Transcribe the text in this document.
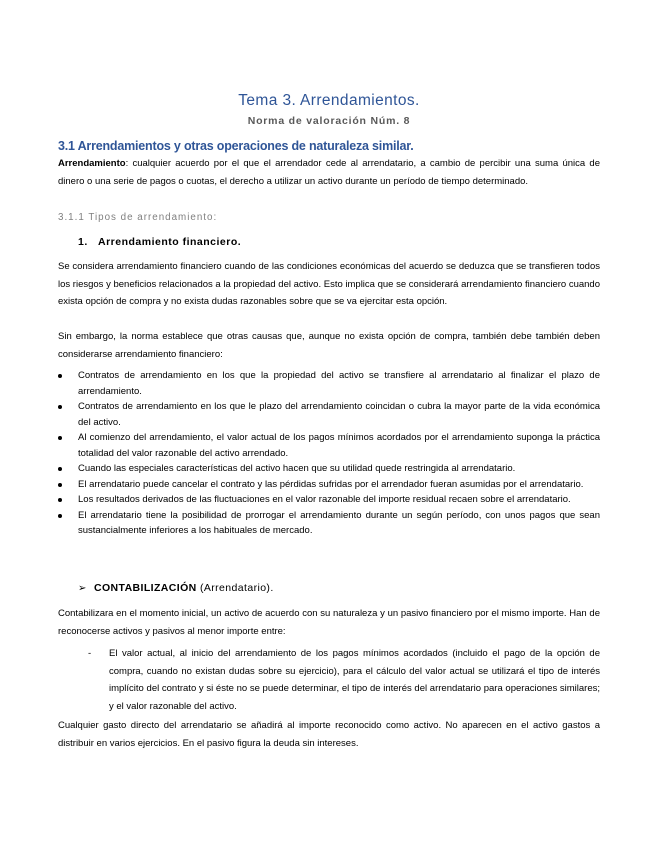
Tema 3. Arrendamientos.
Norma de valoración Núm. 8
3.1 Arrendamientos y otras operaciones de naturaleza similar.
Arrendamiento: cualquier acuerdo por el que el arrendador cede al arrendatario, a cambio de percibir una suma única de dinero o una serie de pagos o cuotas, el derecho a utilizar un activo durante un período de tiempo determinado.
3.1.1 Tipos de arrendamiento:
1. Arrendamiento financiero.
Se considera arrendamiento financiero cuando de las condiciones económicas del acuerdo se deduzca que se transfieren todos los riesgos y beneficios relacionados a la propiedad del activo. Esto implica que se considerará arrendamiento financiero cuando exista opción de compra y no exista dudas razonables sobre que se va ejercitar esta opción.
Sin embargo, la norma establece que otras causas que, aunque no exista opción de compra, también debe también deben considerarse arrendamiento financiero:
Contratos de arrendamiento en los que la propiedad del activo se transfiere al arrendatario al finalizar el plazo de arrendamiento.
Contratos de arrendamiento en los que le plazo del arrendamiento coincidan o cubra la mayor parte de la vida económica del activo.
Al comienzo del arrendamiento, el valor actual de los pagos mínimos acordados por el arrendamiento suponga la práctica totalidad del valor razonable del activo arrendado.
Cuando las especiales características del activo hacen que su utilidad quede restringida al arrendatario.
El arrendatario puede cancelar el contrato y las pérdidas sufridas por el arrendador fueran asumidas por el arrendatario.
Los resultados derivados de las fluctuaciones en el valor razonable del importe residual recaen sobre el arrendatario.
El arrendatario tiene la posibilidad de prorrogar el arrendamiento durante un según período, con unos pagos que sean sustancialmente inferiores a los habituales de mercado.
➢ CONTABILIZACIÓN (Arrendatario).
Contabilizara en el momento inicial, un activo de acuerdo con su naturaleza y un pasivo financiero por el mismo importe. Han de reconocerse activos y pasivos al menor importe entre:
-	El valor actual, al inicio del arrendamiento de los pagos mínimos acordados (incluido el pago de la opción de compra, cuando no existan dudas sobre su ejercicio), para el cálculo del valor actual se utilizará el tipo de interés implícito del contrato y si éste no se puede determinar, el tipo de interés del arrendatario para operaciones similares; y el valor razonable del activo.
Cualquier gasto directo del arrendatario se añadirá al importe reconocido como activo. No aparecen en el activo gastos a distribuir en varios ejercicios. En el pasivo figura la deuda sin intereses.
